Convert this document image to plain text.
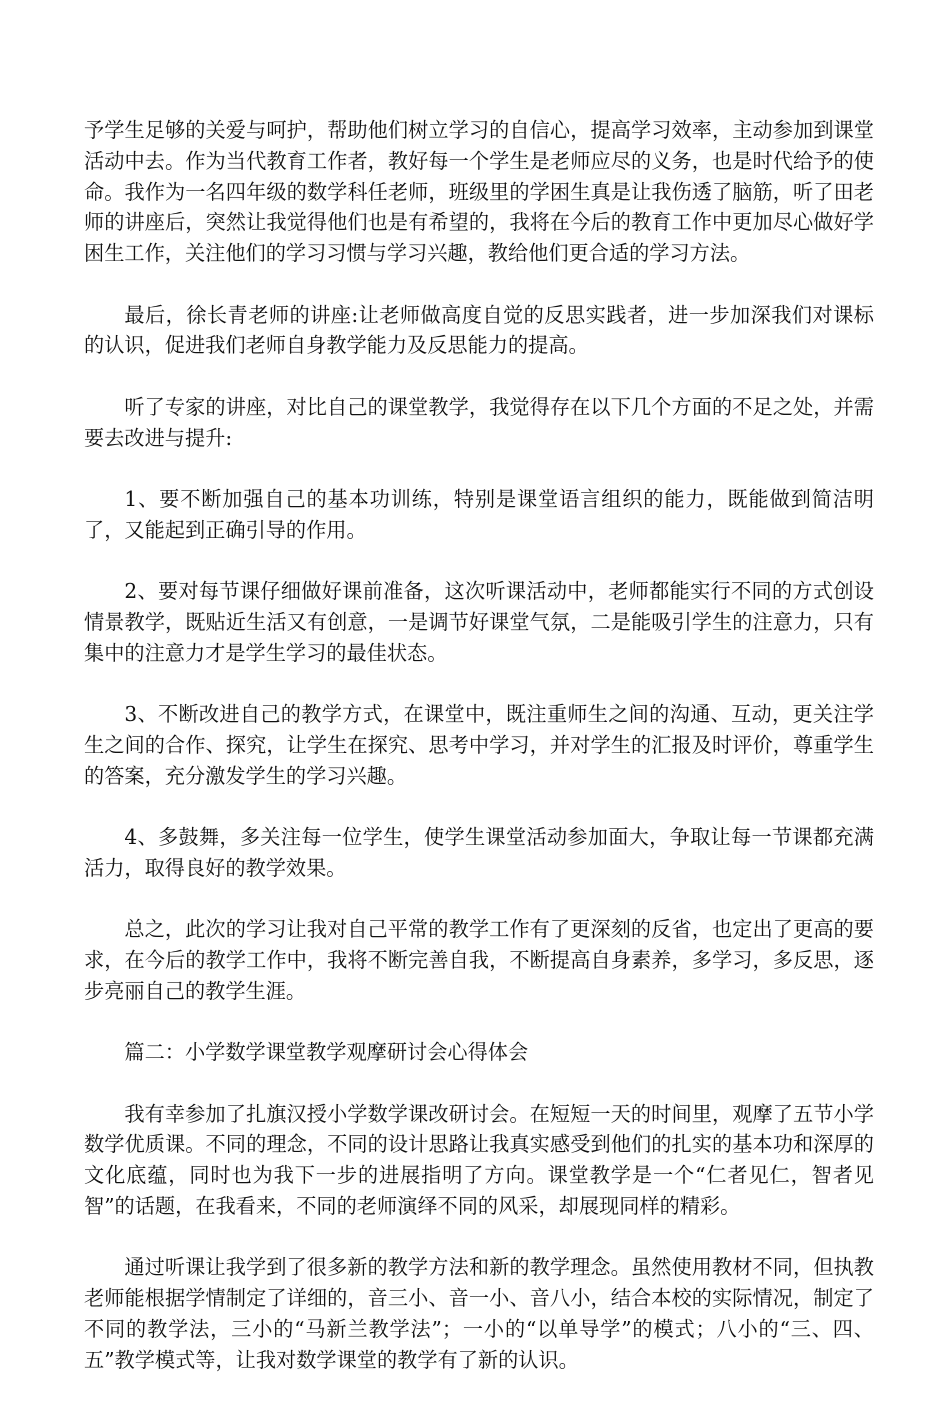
予学生足够的关爱与呵护，帮助他们树立学习的自信心，提高学习效率，主动参加到课堂活动中去。作为当代教育工作者，教好每一个学生是老师应尽的义务，也是时代给予的使命。我作为一名四年级的数学科任老师，班级里的学困生真是让我伤透了脑筋，听了田老师的讲座后，突然让我觉得他们也是有希望的，我将在今后的教育工作中更加尽心做好学困生工作，关注他们的学习习惯与学习兴趣，教给他们更合适的学习方法。

最后，徐长青老师的讲座:让老师做高度自觉的反思实践者，进一步加深我们对课标的认识，促进我们老师自身教学能力及反思能力的提高。

听了专家的讲座，对比自己的课堂教学，我觉得存在以下几个方面的不足之处，并需要去改进与提升:

1、要不断加强自己的基本功训练，特别是课堂语言组织的能力，既能做到简洁明了，又能起到正确引导的作用。

2、要对每节课仔细做好课前准备，这次听课活动中，老师都能实行不同的方式创设情景教学，既贴近生活又有创意，一是调节好课堂气氛，二是能吸引学生的注意力，只有集中的注意力才是学生学习的最佳状态。

3、不断改进自己的教学方式，在课堂中，既注重师生之间的沟通、互动，更关注学生之间的合作、探究，让学生在探究、思考中学习，并对学生的汇报及时评价，尊重学生的答案，充分激发学生的学习兴趣。

4、多鼓舞，多关注每一位学生，使学生课堂活动参加面大，争取让每一节课都充满活力，取得良好的教学效果。

总之，此次的学习让我对自己平常的教学工作有了更深刻的反省，也定出了更高的要求，在今后的教学工作中，我将不断完善自我，不断提高自身素养，多学习，多反思，逐步亮丽自己的教学生涯。

篇二：小学数学课堂教学观摩研讨会心得体会

我有幸参加了扎旗汉授小学数学课改研讨会。在短短一天的时间里，观摩了五节小学数学优质课。不同的理念，不同的设计思路让我真实感受到他们的扎实的基本功和深厚的文化底蕴，同时也为我下一步的进展指明了方向。课堂教学是一个“仁者见仁，智者见智”的话题，在我看来，不同的老师演绎不同的风采，却展现同样的精彩。

通过听课让我学到了很多新的教学方法和新的教学理念。虽然使用教材不同，但执教老师能根据学情制定了详细的，音三小、音一小、音八小，结合本校的实际情况，制定了不同的教学法，三小的“马新兰教学法”；一小的“以单导学”的模式；八小的“三、四、五”教学模式等，让我对数学课堂的教学有了新的认识。
